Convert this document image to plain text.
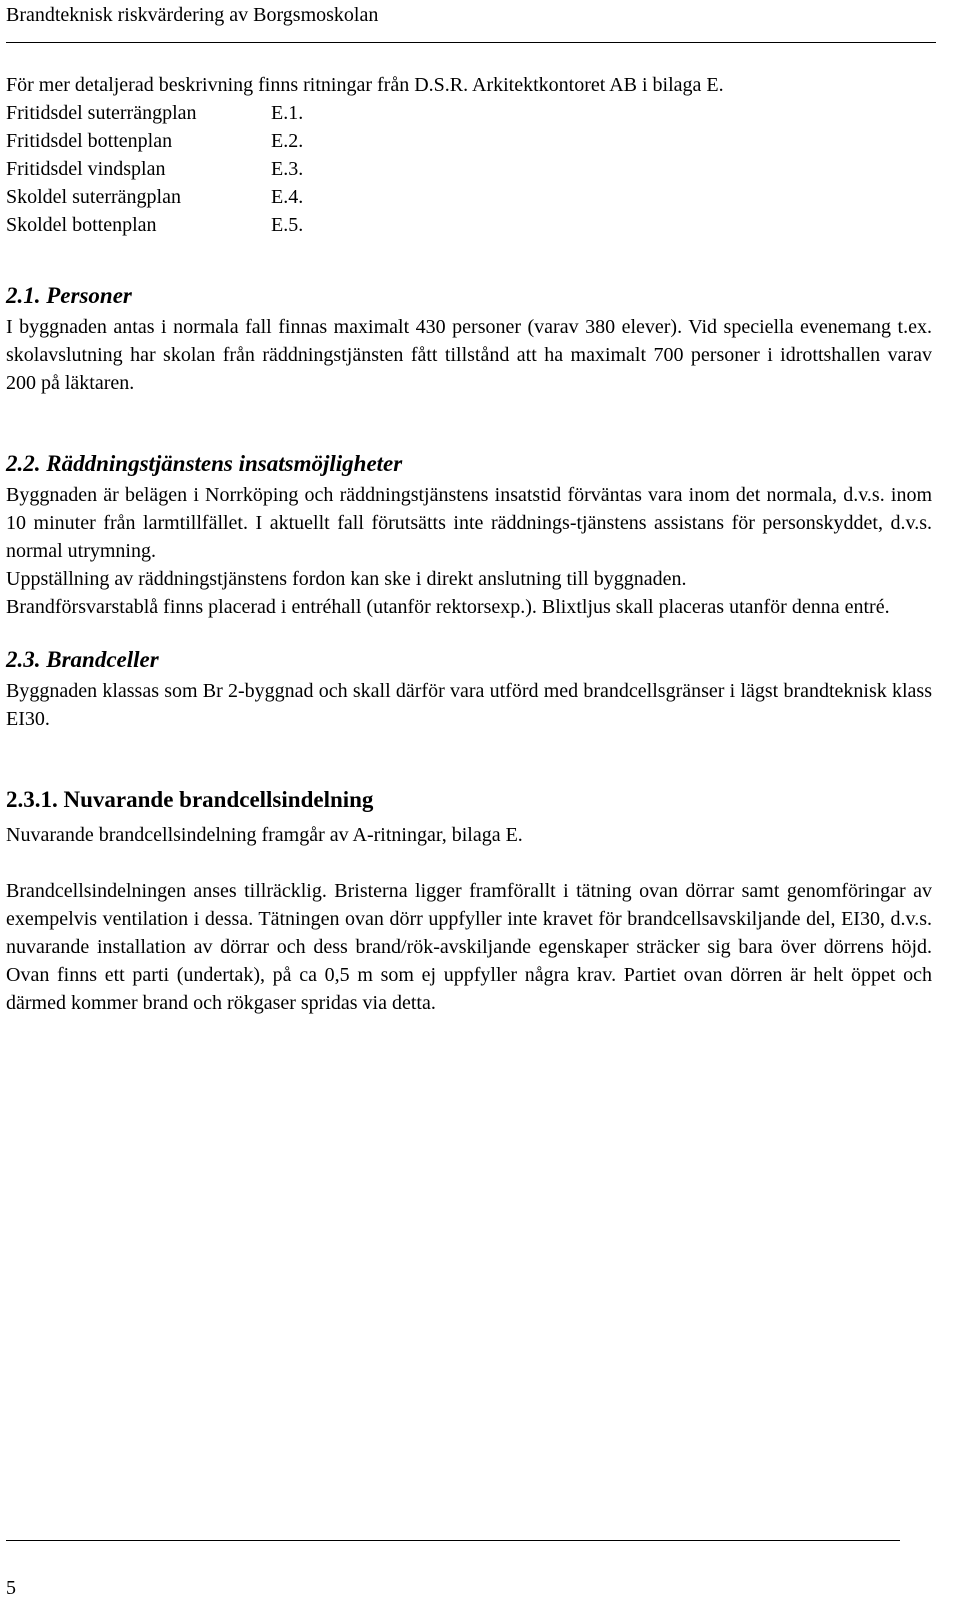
Brandteknisk riskvärdering av Borgsmoskolan

För mer detaljerad beskrivning finns ritningar från D.S.R. Arkitektkontoret AB i bilaga E.

Fritidsdel suterrängplan	E.1.
Fritidsdel bottenplan	E.2.
Fritidsdel vindsplan	E.3.
Skoldel suterrängplan	E.4.
Skoldel bottenplan	E.5.
2.1. Personer

I byggnaden antas i normala fall finnas maximalt 430 personer (varav 380 elever). Vid speciella evenemang t.ex. skolavslutning har skolan från räddningstjänsten fått tillstånd att ha maximalt 700 personer i idrottshallen varav 200 på läktaren.

2.2. Räddningstjänstens insatsmöjligheter

Byggnaden är belägen i Norrköping och räddningstjänstens insatstid förväntas vara inom det normala, d.v.s. inom 10 minuter från larmtillfället. I aktuellt fall förutsätts inte räddnings-tjänstens assistans för personskyddet, d.v.s. normal utrymning.

Uppställning av räddningstjänstens fordon kan ske i direkt anslutning till byggnaden.

Brandförsvarstablå finns placerad i entréhall (utanför rektorsexp.). Blixtljus skall placeras utanför denna entré.

2.3. Brandceller

Byggnaden klassas som Br 2-byggnad och skall därför vara utförd med brandcellsgränser i lägst brandteknisk klass EI30.

2.3.1. Nuvarande brandcellsindelning

Nuvarande brandcellsindelning framgår av A-ritningar, bilaga E.

Brandcellsindelningen anses tillräcklig. Bristerna ligger framförallt i tätning ovan dörrar samt genomföringar av exempelvis ventilation i dessa. Tätningen ovan dörr uppfyller inte kravet för brandcellsavskiljande del, EI30, d.v.s. nuvarande installation av dörrar och dess brand/rök-avskiljande egenskaper sträcker sig bara över dörrens höjd. Ovan finns ett parti (undertak), på ca 0,5 m som ej uppfyller några krav. Partiet ovan dörren är helt öppet och därmed kommer brand och rökgaser spridas via detta.

5
